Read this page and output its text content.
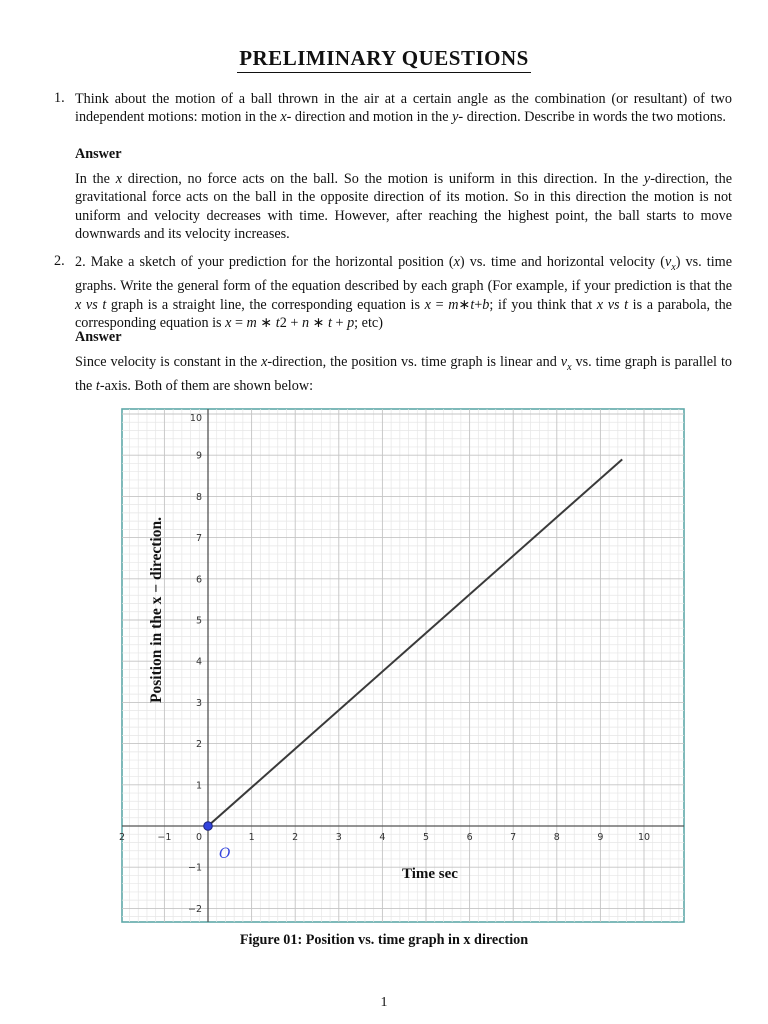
PRELIMINARY QUESTIONS
1. Think about the motion of a ball thrown in the air at a certain angle as the combination (or resultant) of two independent motions: motion in the x- direction and motion in the y- direction. Describe in words the two motions.
Answer
In the x direction, no force acts on the ball. So the motion is uniform in this direction. In the y-direction, the gravitational force acts on the ball in the opposite direction of its motion. So in this direction the motion is not uniform and velocity decreases with time. However, after reaching the highest point, the ball starts to move downwards and its velocity increases.
2. 2. Make a sketch of your prediction for the horizontal position (x) vs. time and horizontal velocity $(v_x)$ vs. time graphs. Write the general form of the equation described by each graph (For example, if your prediction is that the x vs t graph is a straight line, the corresponding equation is x = m∗t+b; if you think that x vs t is a parabola, the corresponding equation is x = m ∗ t2 + n ∗ t + p; etc)
Answer
Since velocity is constant in the x-direction, the position vs. time graph is linear and $v_x$ vs. time graph is parallel to the t-axis. Both of them are shown below:
2	−1	0	1	2	3	4	5	6	7	8	9	10
10
9
8
7
6
5
4
3
2
1
−1
−2
O
Position in the x − direction.
Time sec
Figure 01: Position vs. time graph in x direction
1
